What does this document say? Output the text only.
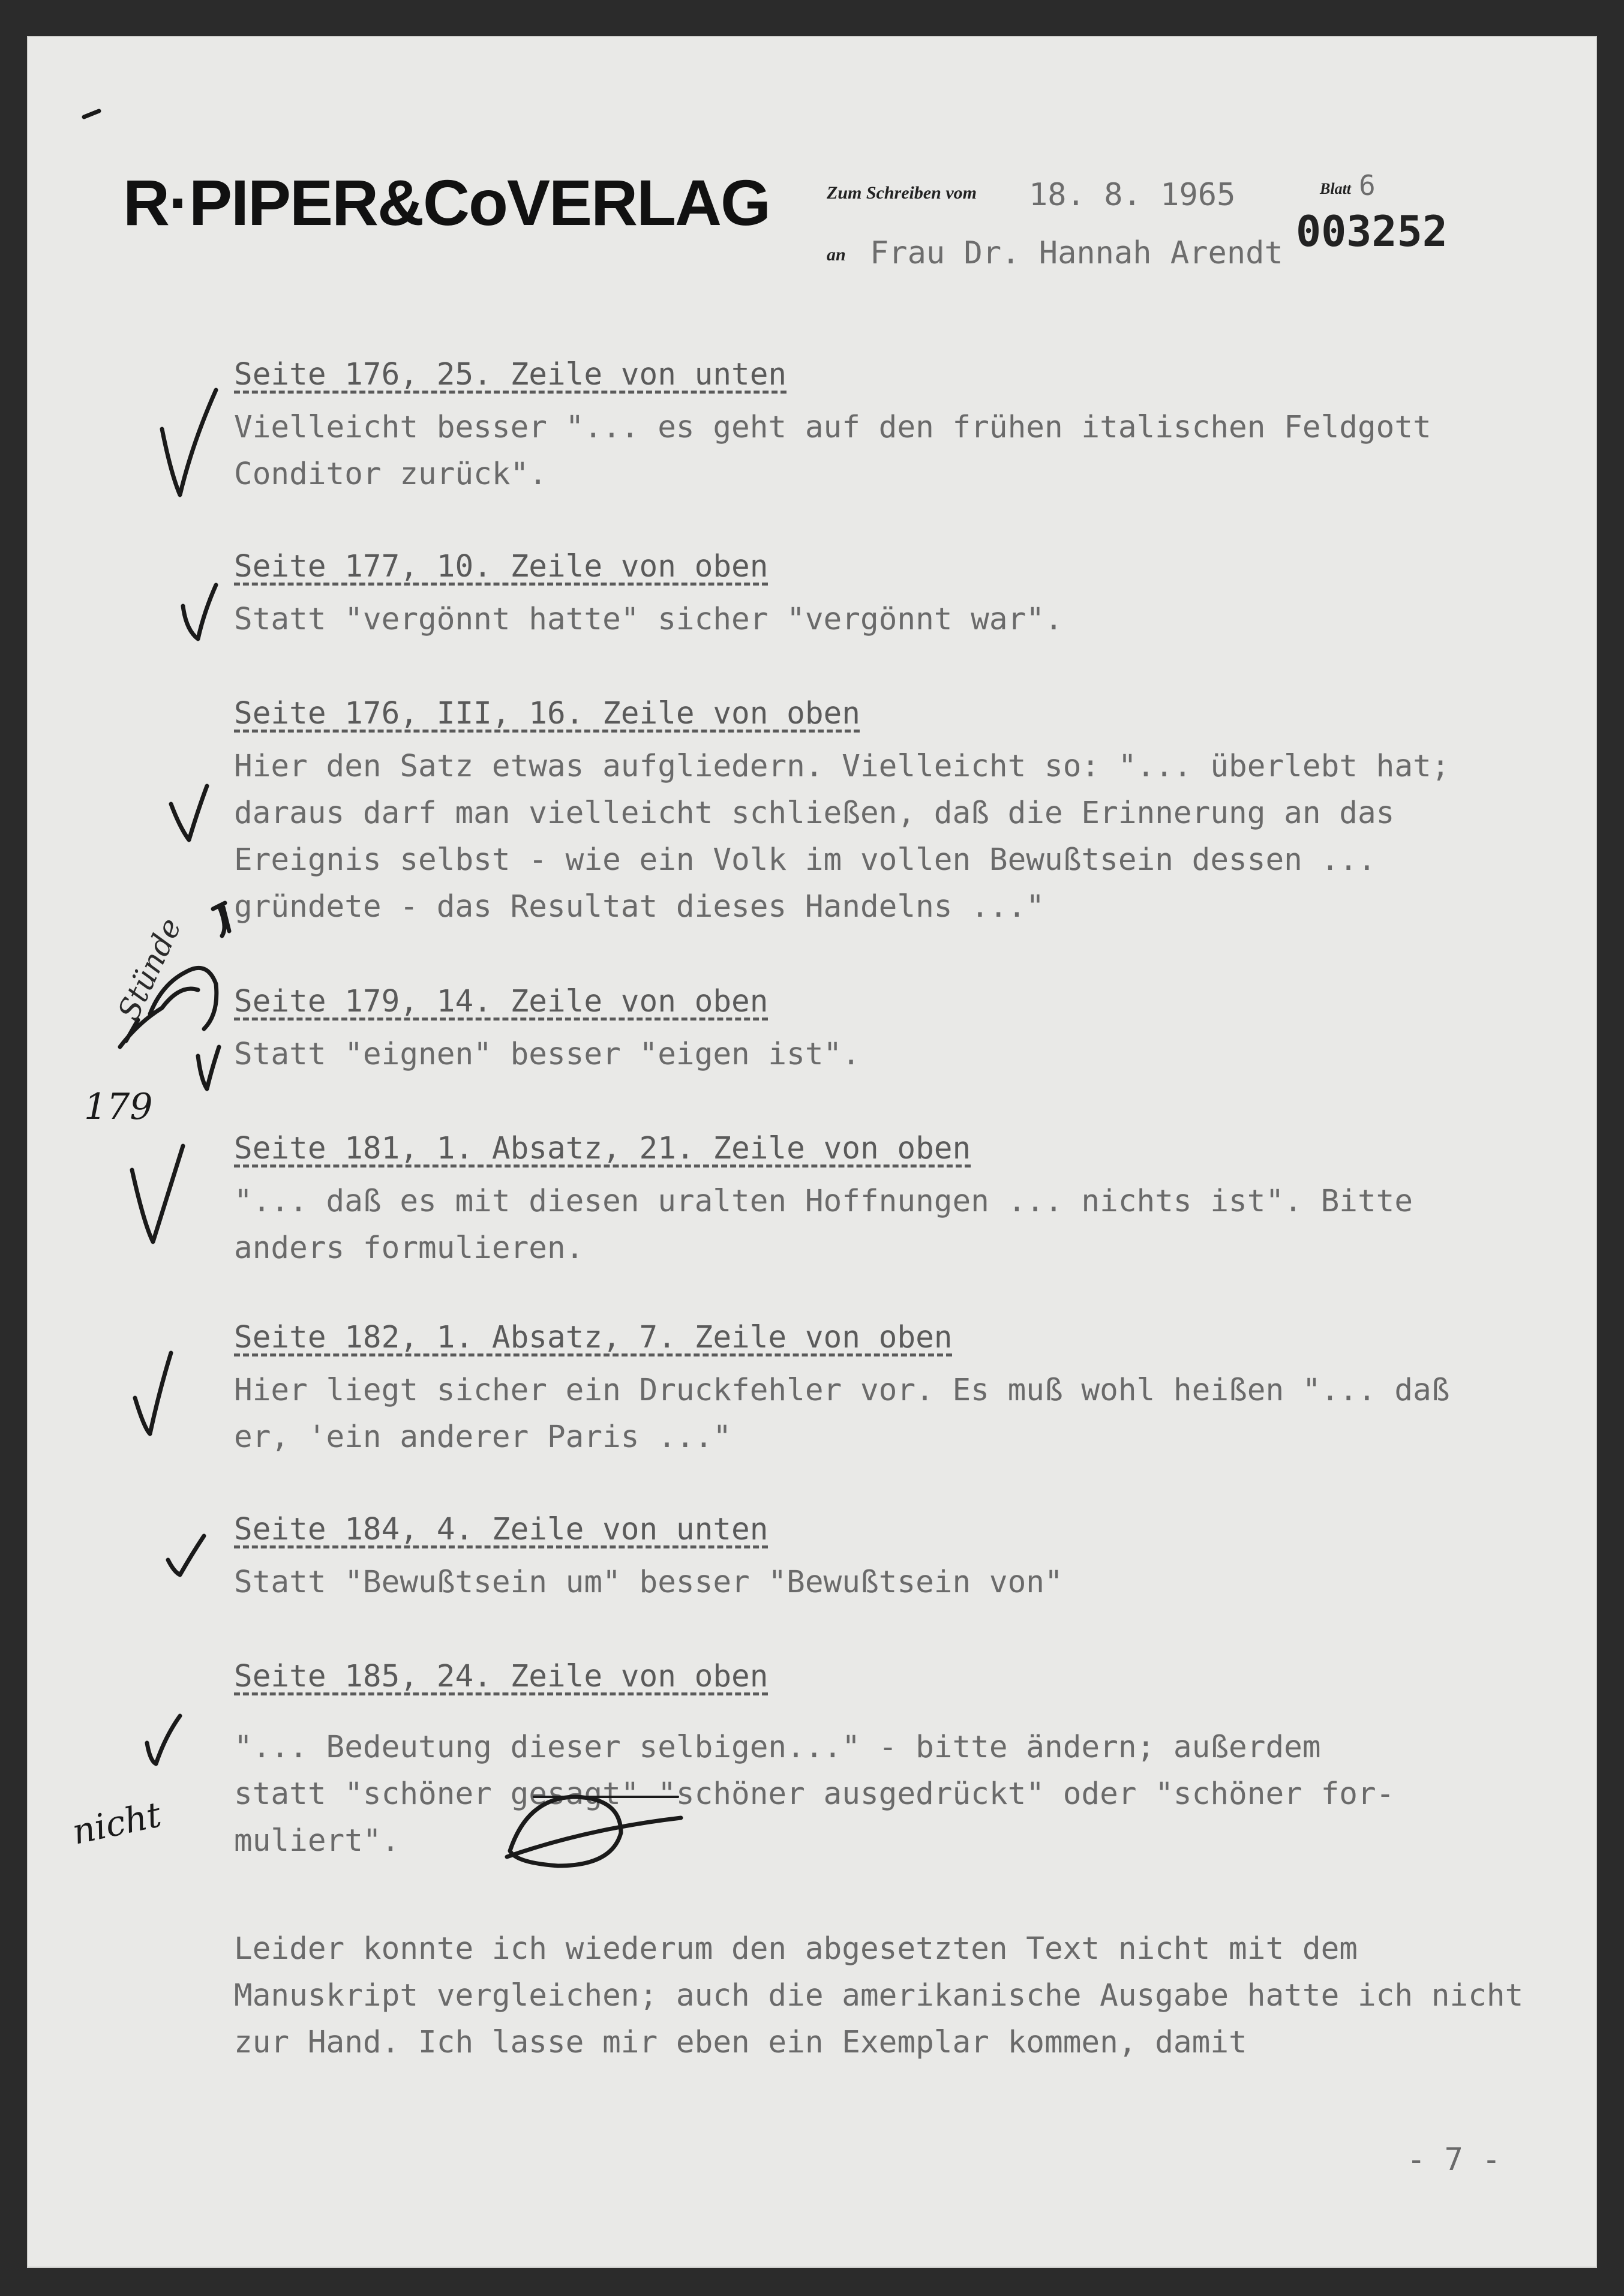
R·PIPER&CoVERLAG	Zum Schreiben vom 18. 8. 1965	Blatt 6
003252
an Frau Dr. Hannah Arendt
Seite 176, 25. Zeile von unten
Vielleicht besser "... es geht auf den frühen italischen Feldgott
Conditor zurück".
Seite 177, 10. Zeile von oben
Statt "vergönnt hatte" sicher "vergönnt war".
Seite 176, III, 16. Zeile von oben
Hier den Satz etwas aufgliedern. Vielleicht so: "... überlebt hat;
daraus darf man vielleicht schließen, daß die Erinnerung an das
Ereignis selbst - wie ein Volk im vollen Bewußtsein dessen ...
gründete - das Resultat dieses Handelns ..."
Seite 179, 14. Zeile von oben
Statt "eignen" besser "eigen ist".
Seite 181, 1. Absatz, 21. Zeile von oben
"... daß es mit diesen uralten Hoffnungen ... nichts ist". Bitte
anders formulieren.
Seite 182, 1. Absatz, 7. Zeile von oben
Hier liegt sicher ein Druckfehler vor. Es muß wohl heißen "... daß
er, 'ein anderer Paris ..."
Seite 184, 4. Zeile von unten
Statt "Bewußtsein um" besser "Bewußtsein von"
Seite 185, 24. Zeile von oben
"... Bedeutung dieser selbigen..." - bitte ändern; außerdem
statt "schöner gesagt" "schöner ausgedrückt" oder "schöner for-
muliert".
Leider konnte ich wiederum den abgesetzten Text nicht mit dem Manuskript vergleichen; auch die amerikanische Ausgabe hatte ich nicht zur Hand. Ich lasse mir eben ein Exemplar kommen, damit
- 7 -
179
Stünde
nicht
